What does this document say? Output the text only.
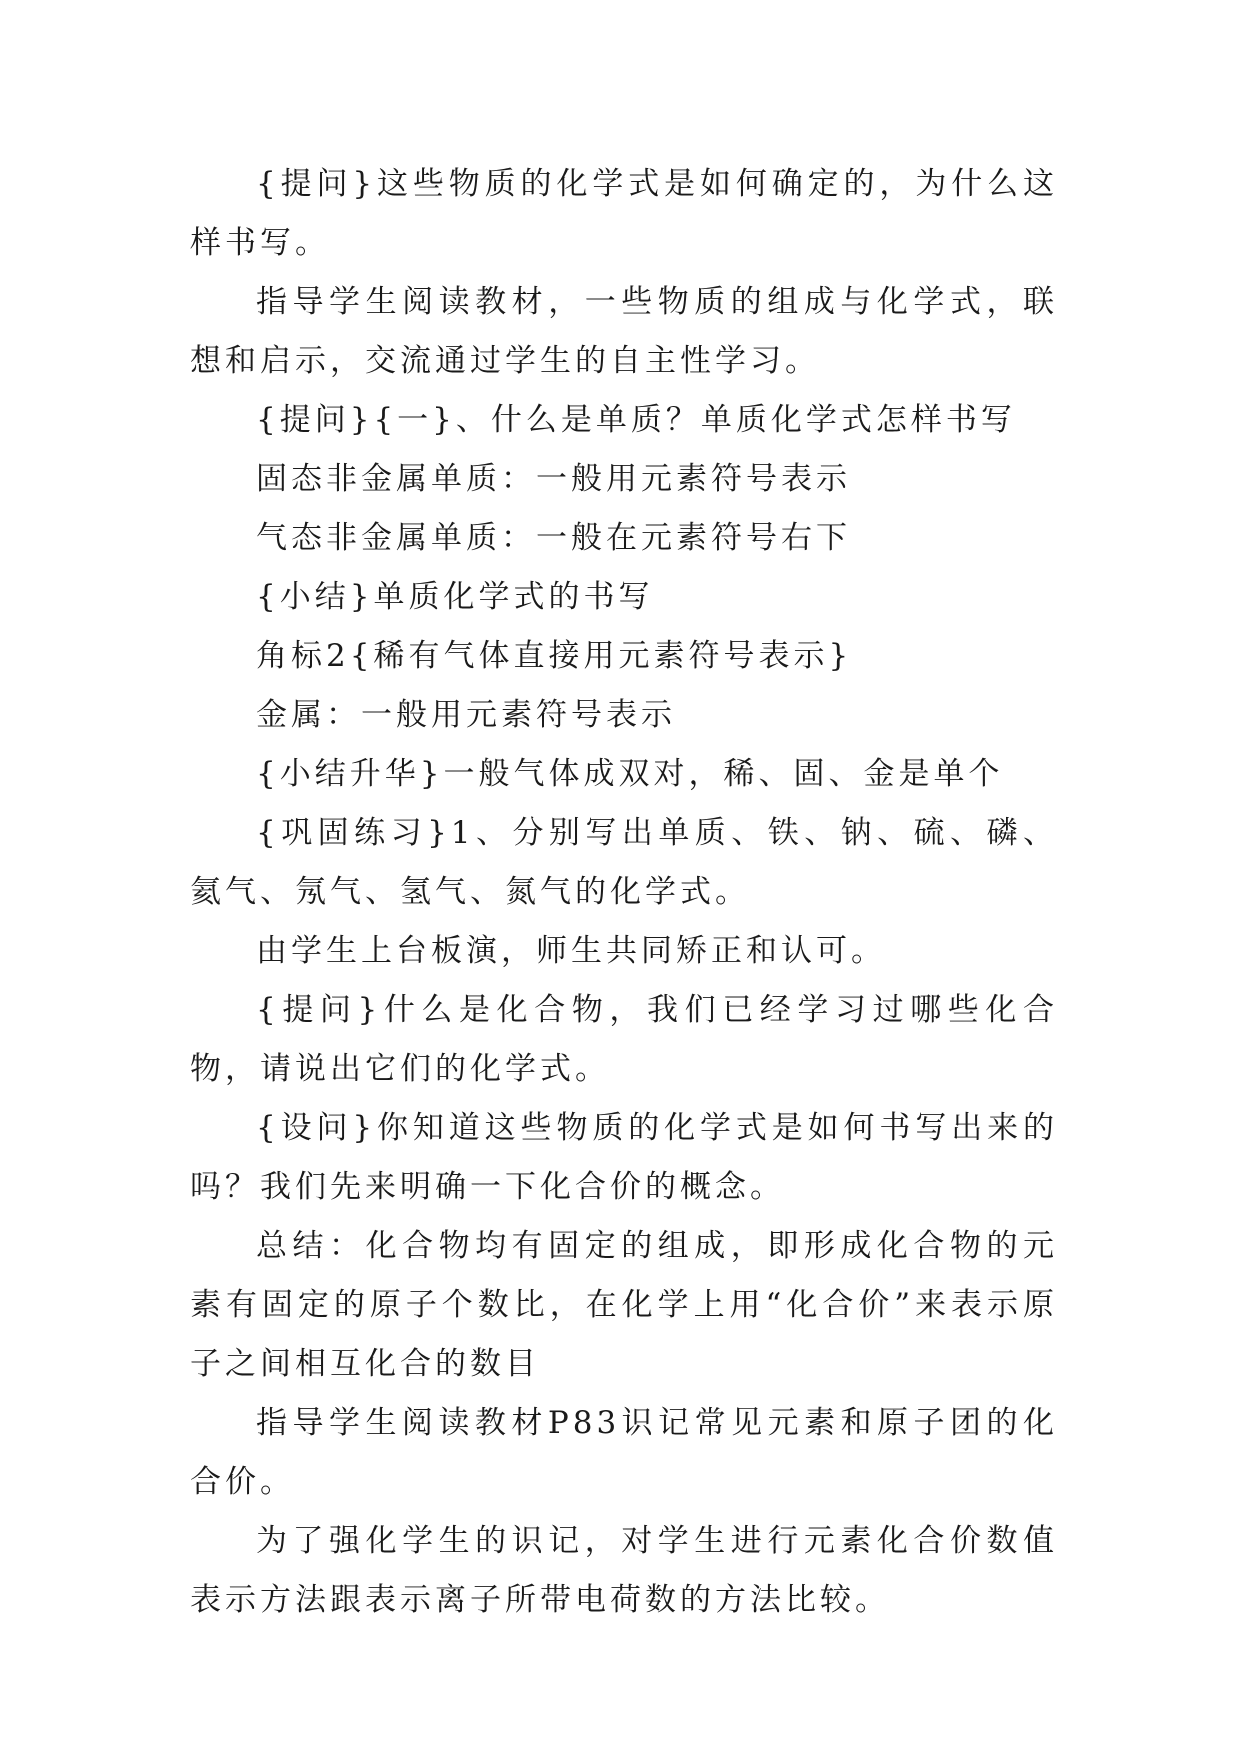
{提问}这些物质的化学式是如何确定的，为什么这样书写。

指导学生阅读教材，一些物质的组成与化学式，联想和启示，交流通过学生的自主性学习。

{提问}{一}、什么是单质？单质化学式怎样书写

固态非金属单质：一般用元素符号表示

气态非金属单质：一般在元素符号右下

{小结}单质化学式的书写

角标2{稀有气体直接用元素符号表示}

金属：一般用元素符号表示

{小结升华}一般气体成双对，稀、固、金是单个

{巩固练习}1、分别写出单质、铁、钠、硫、磷、氦气、氖气、氢气、氮气的化学式。

由学生上台板演，师生共同矫正和认可。

{提问}什么是化合物，我们已经学习过哪些化合物，请说出它们的化学式。

{设问}你知道这些物质的化学式是如何书写出来的吗？我们先来明确一下化合价的概念。

总结：化合物均有固定的组成，即形成化合物的元素有固定的原子个数比，在化学上用“化合价”来表示原子之间相互化合的数目

指导学生阅读教材P83识记常见元素和原子团的化合价。

为了强化学生的识记，对学生进行元素化合价数值表示方法跟表示离子所带电荷数的方法比较。
